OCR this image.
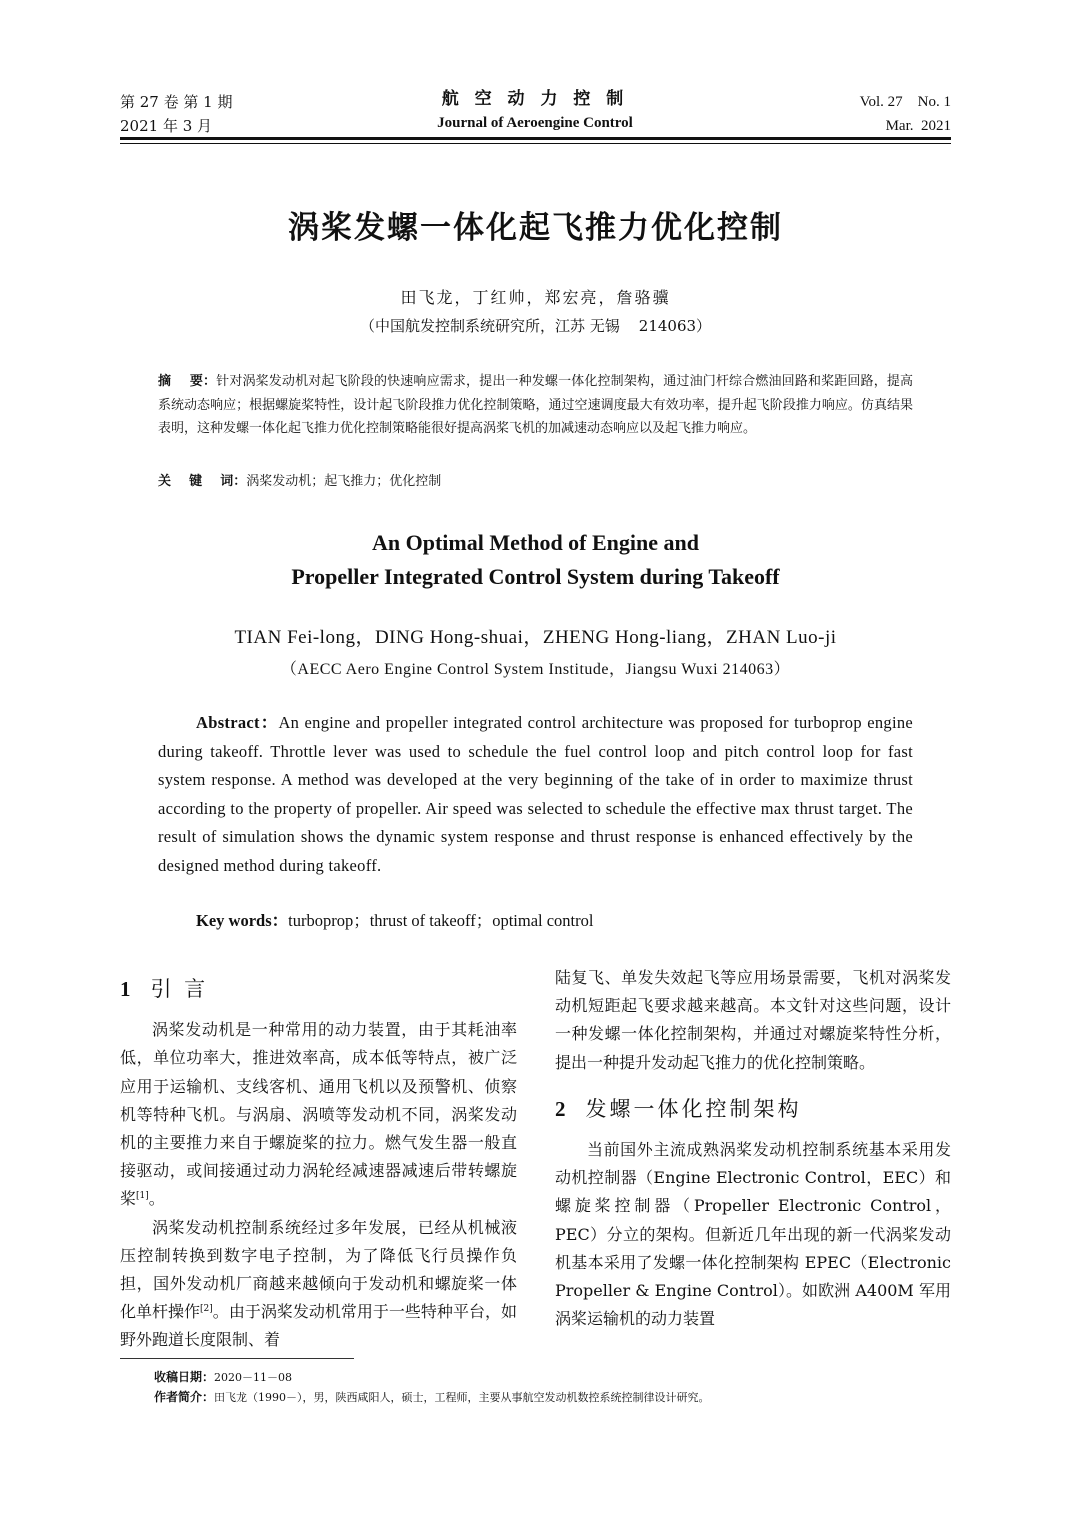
第 27 卷 第 1 期
2021 年 3 月
航 空 动 力 控 制
Journal of Aeroengine Control
Vol. 27    No. 1
Mar.  2021
涡桨发螺一体化起飞推力优化控制
田飞龙，丁红帅，郑宏亮，詹骆骥
（中国航发控制系统研究所，江苏 无锡    214063）
摘    要：针对涡桨发动机对起飞阶段的快速响应需求，提出一种发螺一体化控制架构，通过油门杆综合燃油回路和桨距回路，提高系统动态响应；根据螺旋桨特性，设计起飞阶段推力优化控制策略，通过空速调度最大有效功率，提升起飞阶段推力响应。仿真结果表明，这种发螺一体化起飞推力优化控制策略能很好提高涡桨飞机的加减速动态响应以及起飞推力响应。
关    键    词：涡桨发动机；起飞推力；优化控制
An Optimal Method of Engine and
Propeller Integrated Control System during Takeoff
TIAN Fei-long，DING Hong-shuai，ZHENG Hong-liang，ZHAN Luo-ji
（AECC Aero Engine Control System Institude，Jiangsu Wuxi 214063）
Abstract：An engine and propeller integrated control architecture was proposed for turboprop engine during takeoff. Throttle lever was used to schedule the fuel control loop and pitch control loop for fast system response. A method was developed at the very beginning of the take of in order to maximize thrust according to the property of propeller. Air speed was selected to schedule the effective max thrust target. The result of simulation shows the dynamic system response and thrust response is enhanced effectively by the designed method during takeoff.
Key words：turboprop；thrust of takeoff；optimal control
1 引 言

涡桨发动机是一种常用的动力装置，由于其耗油率低，单位功率大，推进效率高，成本低等特点，被广泛应用于运输机、支线客机、通用飞机以及预警机、侦察机等特种飞机。与涡扇、涡喷等发动机不同，涡桨发动机的主要推力来自于螺旋桨的拉力。燃气发生器一般直接驱动，或间接通过动力涡轮经减速器减速后带转螺旋桨[1]。

涡桨发动机控制系统经过多年发展，已经从机械液压控制转换到数字电子控制，为了降低飞行员操作负担，国外发动机厂商越来越倾向于发动机和螺旋桨一体化单杆操作[2]。由于涡桨发动机常用于一些特种平台，如野外跑道长度限制、着

陆复飞、单发失效起飞等应用场景需要，飞机对涡桨发动机短距起飞要求越来越高。本文针对这些问题，设计一种发螺一体化控制架构，并通过对螺旋桨特性分析，提出一种提升发动起飞推力的优化控制策略。

2 发螺一体化控制架构

当前国外主流成熟涡桨发动机控制系统基本采用发动机控制器（Engine Electronic Control，EEC）和螺旋桨控制器（Propeller Electronic Control，PEC）分立的架构。但新近几年出现的新一代涡桨发动机基本采用了发螺一体化控制架构 EPEC（Electronic Propeller & Engine Control）。如欧洲 A400M 军用涡桨运输机的动力装置

收稿日期：2020－11－08
作者简介：田飞龙（1990－），男，陕西咸阳人，硕士，工程师，主要从事航空发动机数控系统控制律设计研究。
